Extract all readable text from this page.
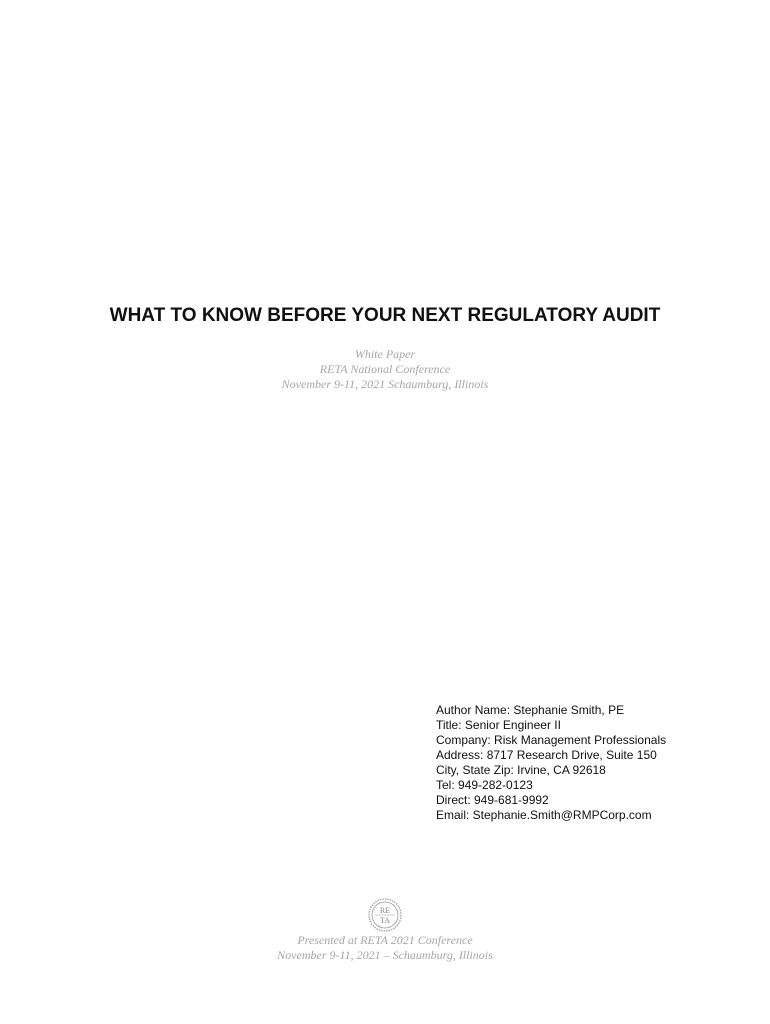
WHAT TO KNOW BEFORE YOUR NEXT REGULATORY AUDIT
White Paper
RETA National Conference
November 9-11, 2021 Schaumburg, Illinois
Author Name: Stephanie Smith, PE
Title: Senior Engineer II
Company: Risk Management Professionals
Address: 8717 Research Drive, Suite 150
City, State Zip: Irvine, CA 92618
Tel: 949-282-0123
Direct: 949-681-9992
Email: Stephanie.Smith@RMPCorp.com
RE
TA
Presented at RETA 2021 Conference
November 9-11, 2021 – Schaumburg, Illinois
